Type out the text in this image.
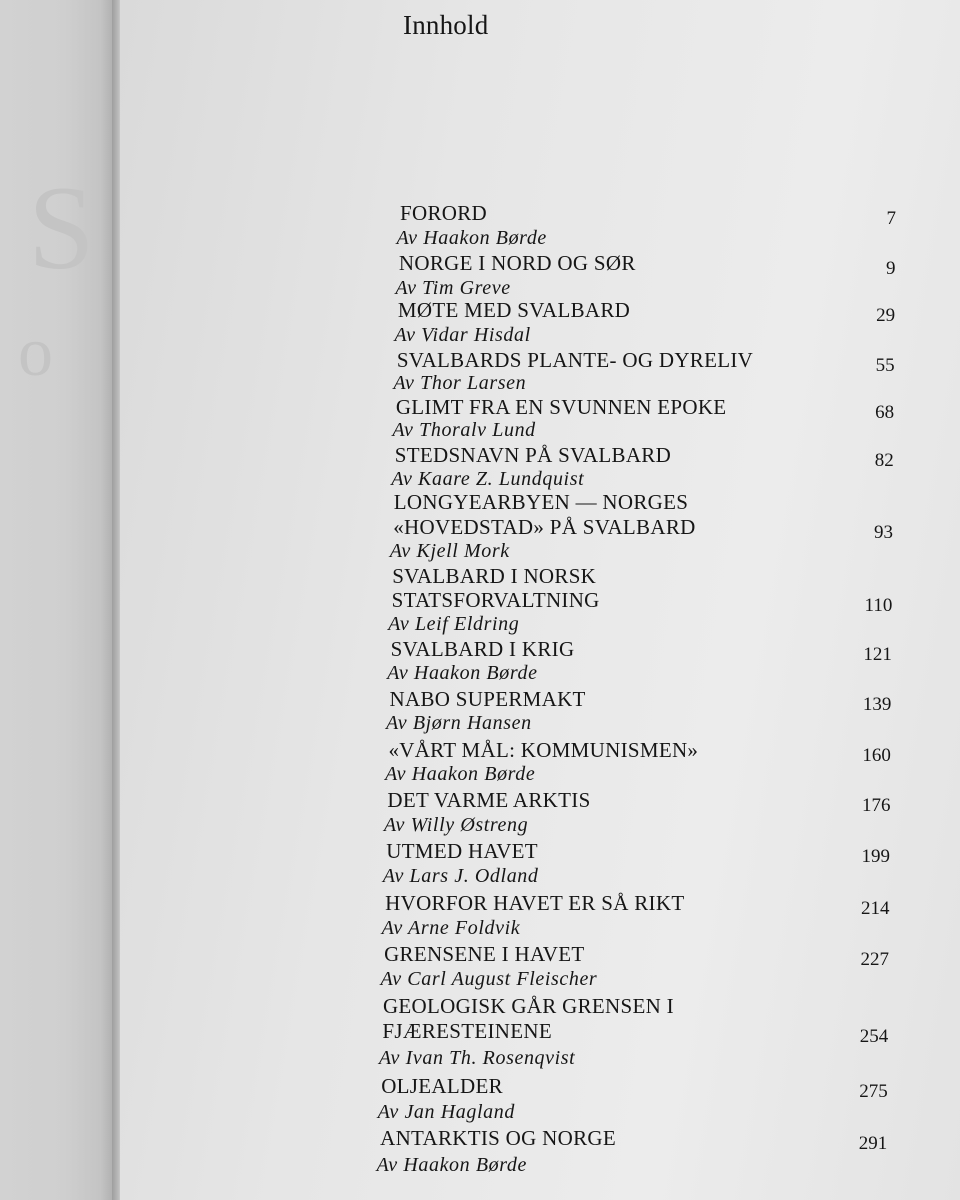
S
o
Innhold
FORORD	7
Av Haakon Børde
NORGE I NORD OG SØR	9
Av Tim Greve
MØTE MED SVALBARD	29
Av Vidar Hisdal
SVALBARDS PLANTE- OG DYRELIV	55
Av Thor Larsen
GLIMT FRA EN SVUNNEN EPOKE	68
Av Thoralv Lund
STEDSNAVN PÅ SVALBARD	82
Av Kaare Z. Lundquist
LONGYEARBYEN — NORGES
«HOVEDSTAD» PÅ SVALBARD	93
Av Kjell Mork
SVALBARD I NORSK
STATSFORVALTNING	110
Av Leif Eldring
SVALBARD I KRIG	121
Av Haakon Børde
NABO SUPERMAKT	139
Av Bjørn Hansen
«VÅRT MÅL: KOMMUNISMEN»	160
Av Haakon Børde
DET VARME ARKTIS	176
Av Willy Østreng
UTMED HAVET	199
Av Lars J. Odland
HVORFOR HAVET ER SÅ RIKT	214
Av Arne Foldvik
GRENSENE I HAVET	227
Av Carl August Fleischer
GEOLOGISK GÅR GRENSEN I
FJÆRESTEINENE	254
Av Ivan Th. Rosenqvist
OLJEALDER	275
Av Jan Hagland
ANTARKTIS OG NORGE	291
Av Haakon Børde
